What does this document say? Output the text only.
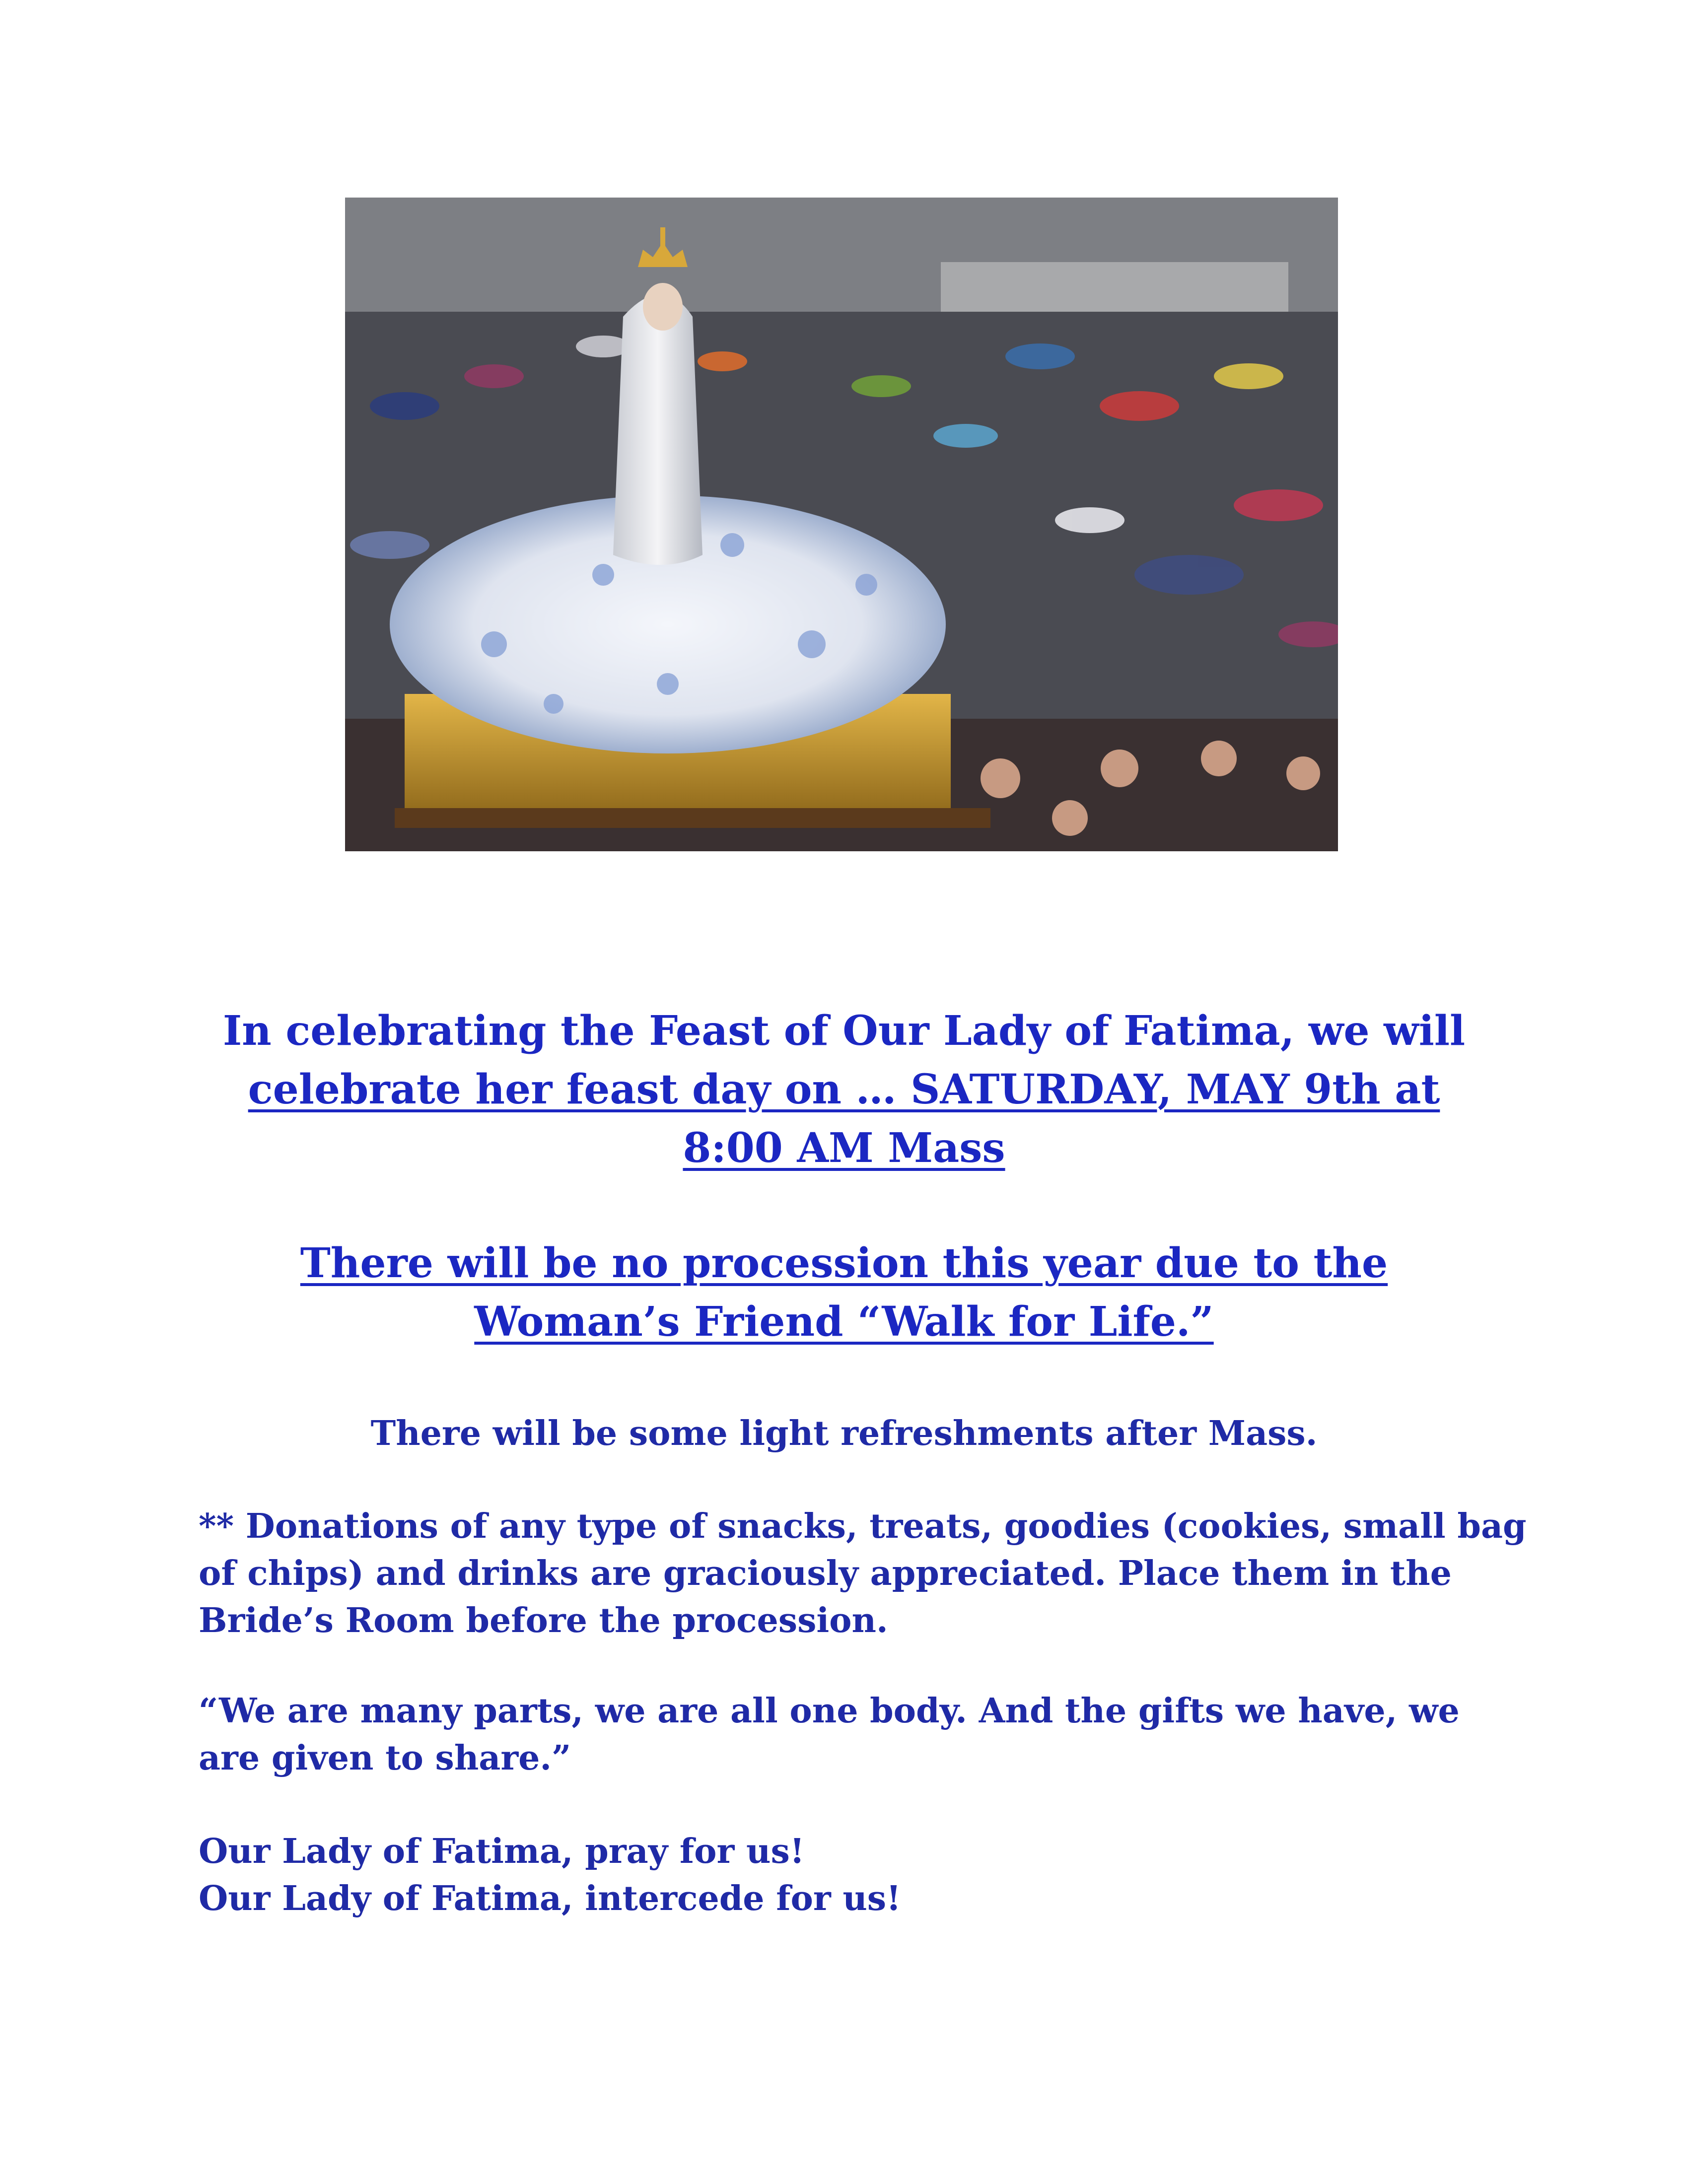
In celebrating the Feast of Our Lady of Fatima, we will
celebrate her feast day on … SATURDAY, MAY 9th at
8:00 AM Mass
There will be no procession this year due to the
Woman’s Friend “Walk for Life.”
There will be some light refreshments after Mass.
** Donations of any type of snacks, treats, goodies (cookies, small bag
of chips) and drinks are graciously appreciated. Place them in the
Bride’s Room before the procession.
“We are many parts, we are all one body. And the gifts we have, we
are given to share.”
Our Lady of Fatima, pray for us!
Our Lady of Fatima, intercede for us!
